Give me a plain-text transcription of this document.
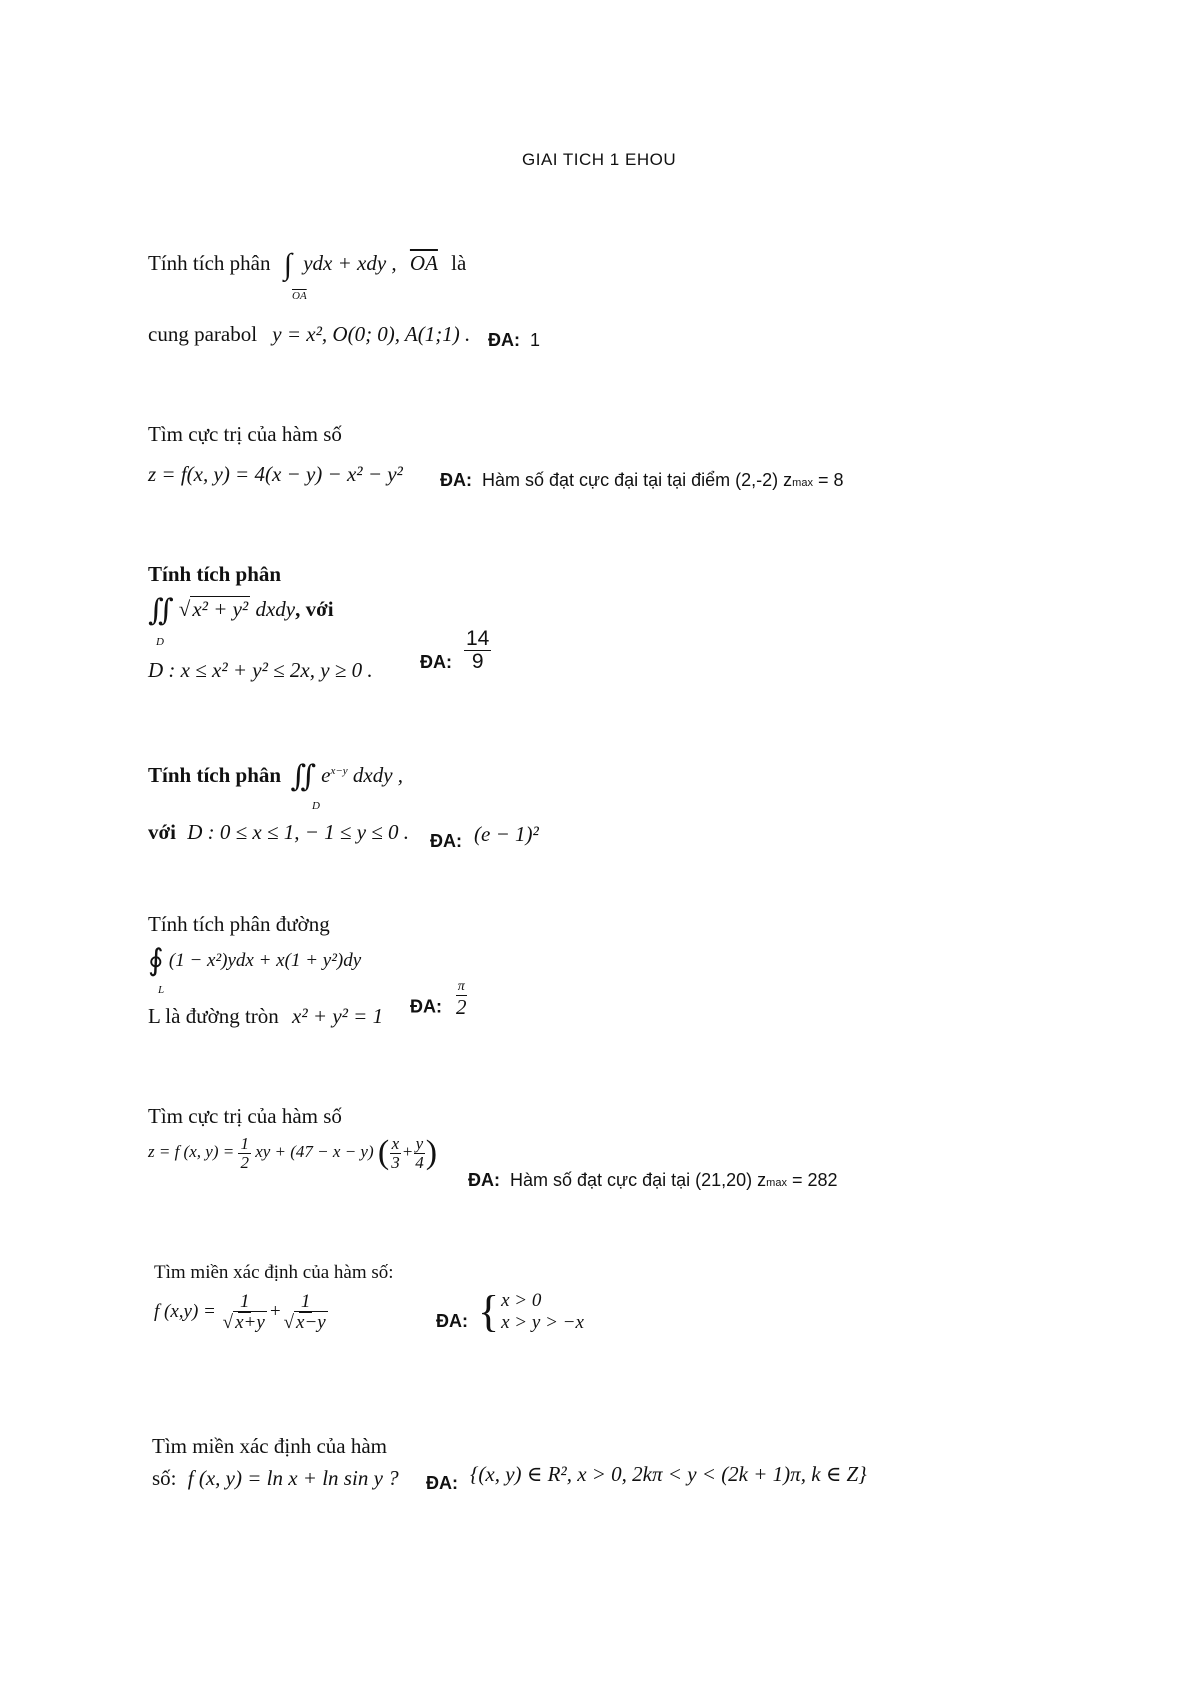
GIAI TICH 1 EHOU
Tính tích phân ∫ ydx + xdy , $\overline{OA}$ là
$\overline{OA}$
cung parabol y = x², O(0; 0), A(1;1) . ĐA: 1
Tìm cực trị của hàm số
z = f(x, y) = 4(x − y) − x² − y² ĐA: Hàm số đạt cực đại tại tại điểm (2,-2) zmax = 8
Tính tích phân
∬ √x² + y² dxdy, với
D
D : x ≤ x² + y² ≤ 2x, y ≥ 0 .	ĐA: $\frac{14}{9}$
Tính tích phân ∬ $e^{x-y}$ dxdy ,
D
với D : 0 ≤ x ≤ 1, − 1 ≤ y ≤ 0 . ĐA: (e − 1)²
Tính tích phân đường
∮ (1 − x²)ydx + x(1 + y²)dy
L
L là đường tròn x² + y² = 1 ĐA: $\frac{\pi}{2}$
Tìm cực trị của hàm số
z = f (x, $y) = \frac{1}{2}$ xy + (47 − x − y) ( $\frac{x}{3} + \frac{y}{4}$ )
ĐA: Hàm số đạt cực đại tại (21,20) zmax = 282
Tìm miền xác định của hàm số:
f $(x,y) = \frac{1}{√ x+y} + \frac{1}{√ x-y}$	ĐA: { x > 0
x > y > −x
Tìm miền xác định của hàm
số: f (x, y) = ln x + ln sin y ? ĐA: {(x, y) ∈ R², x > 0, 2kπ < y < (2k + 1)π, k ∈ Z}
